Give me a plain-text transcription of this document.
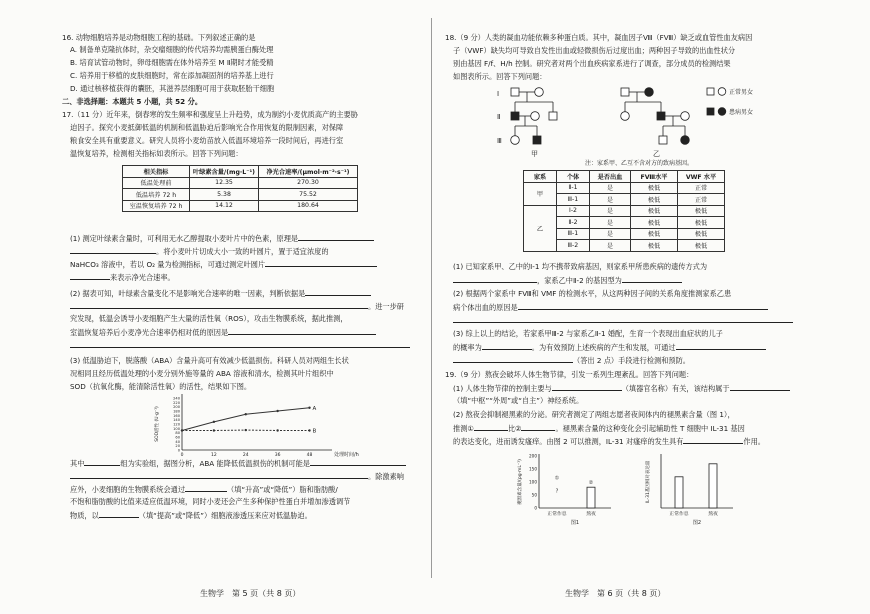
16. 动物细胞培养是动物细胞工程的基础。下列叙述正确的是
A. 制备单克隆抗体时，杂交瘤细胞的传代培养均需胰蛋白酶处理
B. 培育试管动物时，卵母细胞需在体外培养至 M Ⅱ期时才能受精
C. 培养用于移植的皮肤细胞时，常在添加凝固剂的培养基上进行
D. 通过核移植获得的囊胚，其滋养层细胞可用于获取胚胎干细胞
二、非选择题：本题共 5 小题，共 52 分。
17.（11 分）近年来，倒春寒的发生频率和强度呈上升趋势，成为制约小麦优质高产的主要胁
迫因子。探究小麦抵御低温的机制和低温胁迫后影响光合作用恢复的限制因素，对保障
粮食安全具有重要意义。研究人员将小麦幼苗放入低温环境培养一段时间后，再进行室
温恢复培养，检测相关指标如表所示。回答下列问题：
相关指标	叶绿素含量/(mg·L⁻¹)	净光合速率/(μmol·m⁻²·s⁻¹)
低温处理前	12.35	270.30
低温培养 72 h	5.38	75.52
室温恢复培养 72 h	14.12	180.64
(1) 测定叶绿素含量时，可利用无水乙醇提取小麦叶片中的色素，原理是
。将小麦叶片切成大小一致的叶圆片，置于适宜浓度的
NaHCO₃ 溶液中，若以 O₂ 量为检测指标，可通过测定叶圆片
来表示净光合速率。
(2) 据表可知，叶绿素含量变化不是影响光合速率的唯一因素，判断依据是
。进一步研
究发现，低温会诱导小麦细胞产生大量的活性氧（ROS），攻击生物膜系统，据此推测，
室温恢复培养后小麦净光合速率仍相对低的原因是
(3) 低温胁迫下，脱落酸（ABA）含量升高可有效减少低温损伤。科研人员对两组生长状
况相同且经历低温处理的小麦分别外施等量的 ABA 溶液和清水，检测其叶片组织中
SOD（抗氧化酶，能清除活性氧）的活性，结果如下图。
0
20
40
60
80
100
120
140
160
180
200
220
240
0	12	24	36	48	处理时间/h
SOD活性 (U·g⁻¹)	A
B
其中	组为实验组，据图分析，ABA 能降低低温损伤的机制可能是
。除激素响
应外，小麦细胞的生物膜系统会通过	（填“升高”或“降低”）脂和脂肪酸/
不饱和脂肪酸的比值来适应低温环境，同时小麦还会产生多种保护性蛋白并增加渗透调节
物质，以	（填“提高”或“降低”）细胞液渗透压来应对低温胁迫。
生物学　第 5 页（共 8 页）
18.（9 分）人类的凝血功能依赖多种蛋白质。其中，凝血因子Ⅷ（FⅧ）缺乏或血管性血友病因
子（VWF）缺失均可导致自发性出血或轻微损伤后过度出血；两种因子导致的出血性状分
别由基因 F/f、H/h 控制。研究者对两个出血疾病家系进行了调查，部分成员的检测结果
如图表所示。回答下列问题：
Ⅰ
Ⅱ
Ⅲ
正常男女
患病男女
甲	乙
注：家系甲、乙互不含对方的致病基因。
家系	个体	是否出血	FⅧ水平	VWF 水平
甲	Ⅱ-1	是	极低	正常
	Ⅲ-1	是	极低	正常
乙	Ⅰ-2	是	极低	极低
	Ⅱ-2	是	极低	极低
	Ⅲ-1	是	极低	极低
	Ⅲ-2	是	极低	极低
(1) 已知家系甲、乙中的Ⅰ-1 均不携带致病基因，则家系甲所患疾病的遗传方式为
，家系乙中Ⅱ-2 的基因型为
(2) 根据两个家系中 FⅧ和 VMF 的检测水平，从这两种因子间的关系角度推测家系乙患
病个体出血的原因是
(3) 综上以上的结论，若家系甲Ⅲ-2 与家系乙Ⅱ-1 婚配，生育一个表现出血症状的儿子
的概率为	。为有效预防上述疾病的产生和发展，可通过
（答出 2 点）手段进行检测和预防。
19.（9 分）熬夜会破坏人体生物节律，引发一系列生理紊乱。回答下列问题：
(1) 人体生物节律的控制主要与	（填器官名称）有关，该结构属于
（填“中枢”“外周”或“自主”）神经系统。
(2) 熬夜会抑制褪黑素的分泌。研究者测定了两组志愿者夜间体内的褪黑素含量（图 1），
推测①	比②	。褪黑素含量的这种变化会引起辅助性 T 细胞中 IL-31 基因
的表达变化，进而诱发瘙痒。由图 2 可以推测，IL-31 对瘙痒的发生具有	作用。
0
50
100
150
200
褪黑素含量/(pg·mL⁻¹)
正常作息	熬夜
①
?
②
图1
IL-31基因相对表达量
正常作息	熬夜
图2
生物学　第 6 页（共 8 页）
